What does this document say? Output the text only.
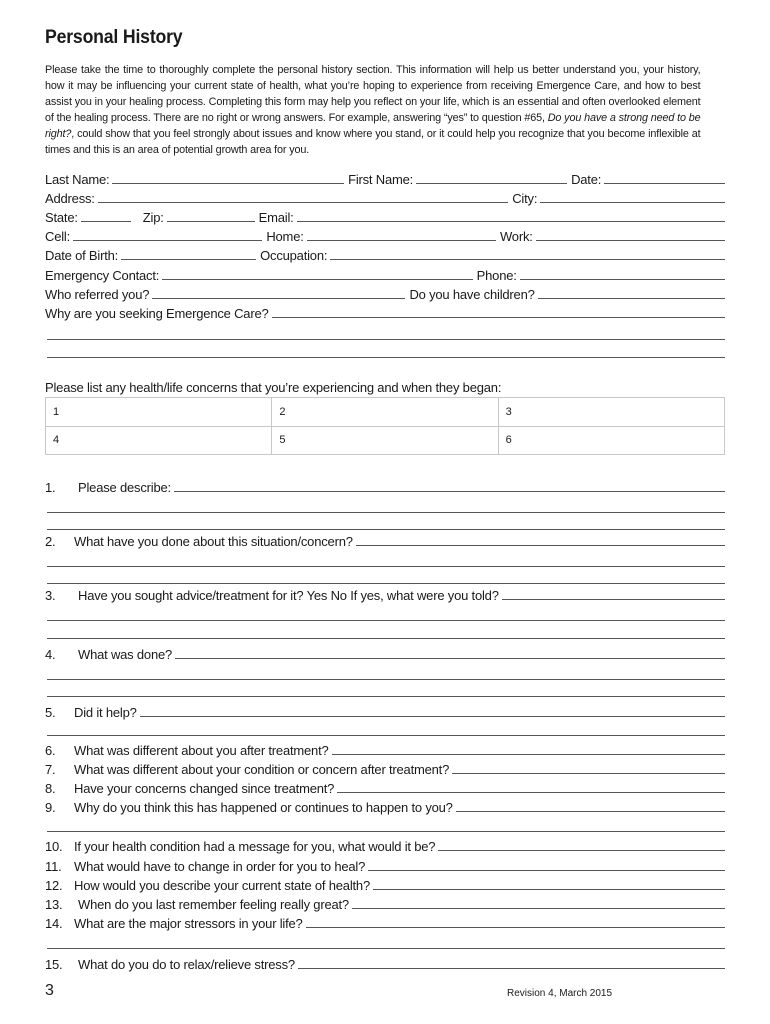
Personal History
Please take the time to thoroughly complete the personal history section. This information will help us better understand you, your history, how it may be influencing your current state of health, what you’re hoping to experience from receiving Emergence Care, and how to best assist you in your healing process. Completing this form may help you reflect on your life, which is an essential and often overlooked element of the healing process. There are no right or wrong answers. For example, answering “yes” to question #65, Do you have a strong need to be right?, could show that you feel strongly about issues and know where you stand, or it could help you recognize that you become inflexible at times and this is an area of potential growth area for you.
Last Name:	First Name:	Date:
Address:	City:
State:	Zip:	Email:
Cell:	Home:	Work:
Date of Birth:	Occupation:
Emergency Contact:	Phone:
Who referred you?	Do you have children?
Why are you seeking Emergence Care?
Please list any health/life concerns that you’re experiencing and when they began:
1	2	3
4	5	6
1.	Please describe:
2.	What have you done about this situation/concern?
3.	Have you sought advice/treatment for it? Yes No If yes, what were you told?
4.	What was done?
5.	Did it help?
6.	What was different about you after treatment?
7.	What was different about your condition or concern after treatment?
8.	Have your concerns changed since treatment?
9.	Why do you think this has happened or continues to happen to you?
10. If your health condition had a message for you, what would it be?
11. What would have to change in order for you to heal?
12. How would you describe your current state of health?
13.	When do you last remember feeling really great?
14. What are the major stressors in your life?
15.	What do you do to relax/relieve stress?
3	Revision 4, March 2015
